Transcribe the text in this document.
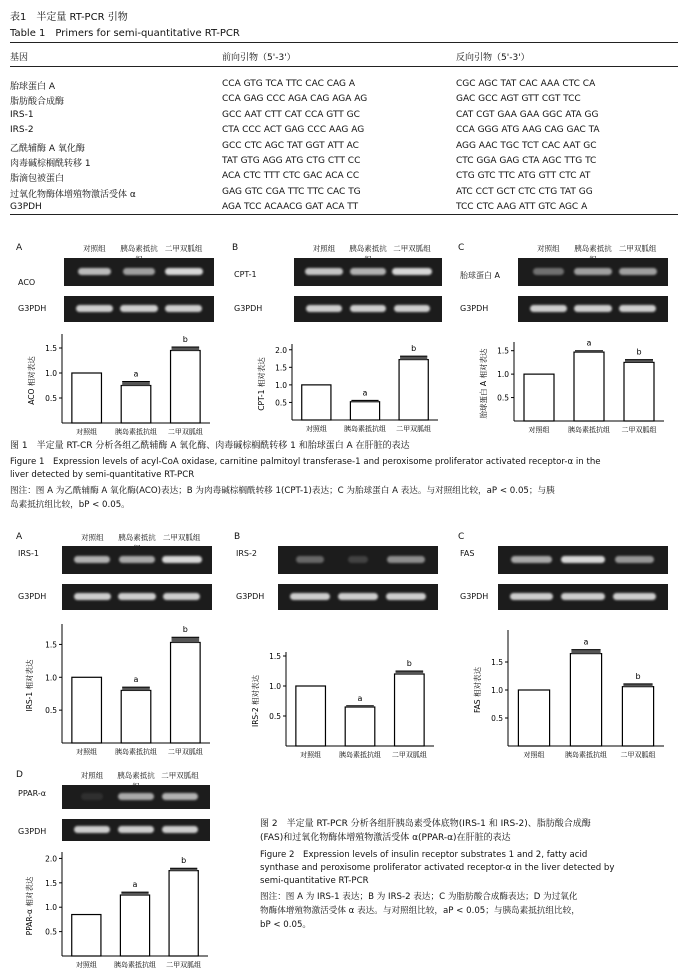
表1　半定量 RT-PCR 引物
Table 1　Primers for semi-quantitative RT-PCR
基因	前向引物（5'-3'）	反向引物（5'-3'）
胎球蛋白 A	CCA GTG TCA TTC CAC CAG A	CGC AGC TAT CAC AAA CTC CA
脂肪酸合成酶	CCA GAG CCC AGA CAG AGA AG	GAC GCC AGT GTT CGT TCC
IRS-1	GCC AAT CTT CAT CCA GTT GC	CAT CGT GAA GAA GGC ATA GG
IRS-2	CTA CCC ACT GAG CCC AAG AG	CCA GGG ATG AAG CAG GAC TA
乙酰辅酶 A 氧化酶	GCC CTC AGC TAT GGT ATT AC	AGG AAC TGC TCT CAC AAT GC
肉毒碱棕榈酰转移 1	TAT GTG AGG ATG CTG CTT CC	CTC GGA GAG CTA AGC TTG TC
脂滴包被蛋白	ACA CTC TTT CTC GAC ACA CC	CTG GTC TTC ATG GTT CTC AT
过氧化物酶体增殖物激活受体 α	GAG GTC CGA TTC TTC CAC TG	ATC CCT GCT CTC CTG TAT GG
G3PDH	AGA TCC ACAACG GAT ACA TT	TCC CTC AAG ATT GTC AGC A
A	对照组	胰岛素抵抗 二甲双胍组
ACO
G3PDH
0.5
1.0
1.5
ACO 相对表达
对照组
a
胰岛素抵抗组
b
二甲双胍组
B	对照组	胰岛素抵抗 二甲双胍组
CPT-1
G3PDH
0.5
1.0
1.5
2.0
CPT-1 相对表达
对照组
a
胰岛素抵抗组
b
二甲双胍组
C	对照组	胰岛素抵抗 二甲双胍组
胎球蛋白 A
G3PDH
0.5
1.0
1.5
胎球蛋白 A 相对表达
对照组
a
胰岛素抵抗组
b
二甲双胍组
图 1　半定量 RT-CR 分析各组乙酰辅酶 A 氧化酶、肉毒碱棕榈酰转移 1 和胎球蛋白 A 在肝脏的表达
Figure 1　Expression levels of acyl-CoA oxidase, carnitine palmitoyl transferase-1 and peroxisome proliferator activated receptor-α in the
liver detected by semi-quantitative RT-PCR
图注：图 A 为乙酰辅酶 A 氧化酶(ACO)表达；B 为肉毒碱棕榈酰转移 1(CPT-1)表达；C 为胎球蛋白 A 表达。与对照组比较，aP < 0.05；与胰
岛素抵抗组比较，bP < 0.05。
A	对照组	胰岛素抵抗 二甲双胍组
IRS-1
G3PDH
0.5
1.0
1.5
IRS-1 相对表达
对照组
a
胰岛素抵抗组
b
二甲双胍组
B
IRS-2
G3PDH
0.5
1.0
1.5
IRS-2 相对表达
对照组
a
胰岛素抵抗组
b
二甲双胍组
C
FAS
G3PDH
0.5
1.0
1.5
FAS 相对表达
对照组
a
胰岛素抵抗组
b
二甲双胍组
D	对照组	胰岛素抵抗 二甲双胍组
PPAR-α
G3PDH
0.5
1.0
1.5
2.0
PPAR-α 相对表达
对照组
a
胰岛素抵抗组
b
二甲双胍组
图 2　半定量 RT-PCR 分析各组肝胰岛素受体底物(IRS-1 和 IRS-2)、脂肪酸合成酶
(FAS)和过氧化物酶体增殖物激活受体 α(PPAR-α)在肝脏的表达
Figure 2　Expression levels of insulin receptor substrates 1 and 2, fatty acid
synthase and peroxisome proliferator activated receptor-α in the liver detected by
semi-quantitative RT-PCR
图注：图 A 为 IRS-1 表达；B 为 IRS-2 表达；C 为脂肪酸合成酶表达；D 为过氧化
物酶体增殖物激活受体 α 表达。与对照组比较，aP < 0.05；与胰岛素抵抗组比较，
bP < 0.05。
